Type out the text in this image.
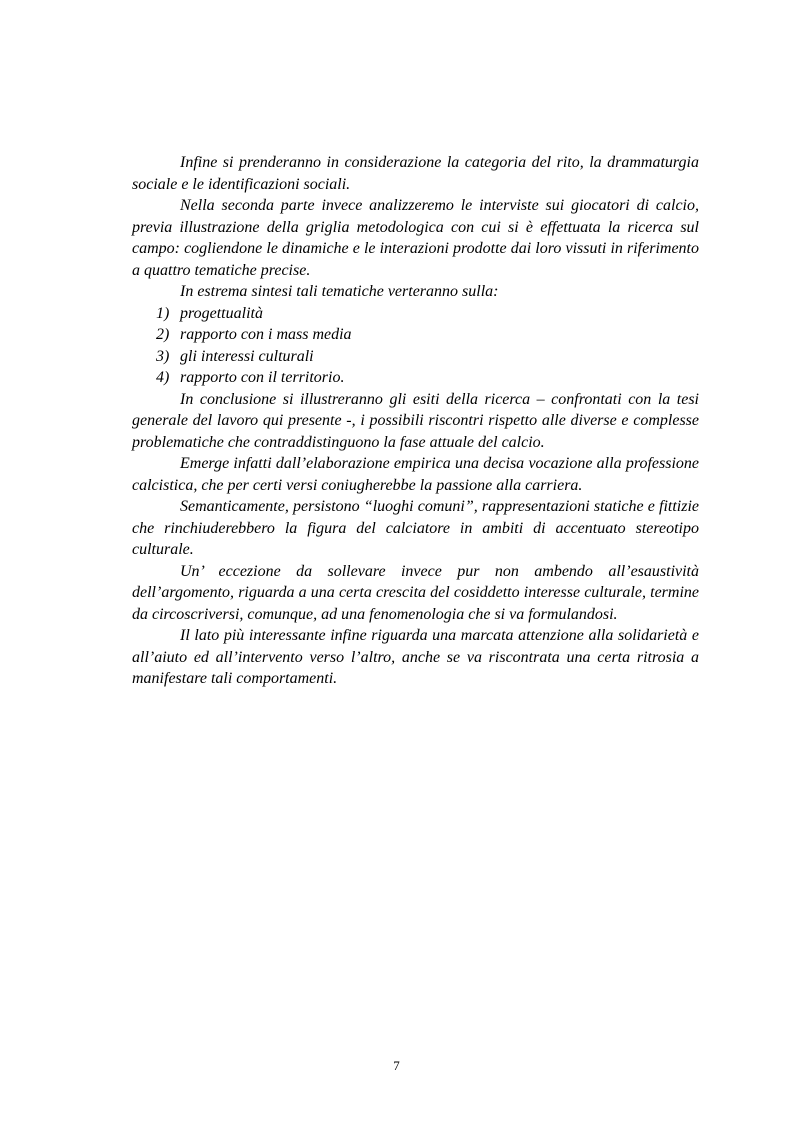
Infine si prenderanno in considerazione la categoria del rito, la drammaturgia sociale e le identificazioni sociali.

Nella seconda parte invece analizzeremo le interviste sui giocatori di calcio, previa illustrazione della griglia metodologica con cui si è effettuata la ricerca sul campo: cogliendone le dinamiche e le interazioni prodotte dai loro vissuti in riferimento a quattro tematiche precise.

In estrema sintesi tali tematiche verteranno sulla:

1) progettualità
2) rapporto con i mass media
3) gli interessi culturali
4) rapporto con il territorio.

In conclusione si illustreranno gli esiti della ricerca – confrontati con la tesi generale del lavoro qui presente -, i possibili riscontri rispetto alle diverse e complesse problematiche che contraddistinguono la fase attuale del calcio.

Emerge infatti dall’elaborazione empirica una decisa vocazione alla professione calcistica, che per certi versi coniugherebbe la passione alla carriera.

Semanticamente, persistono “luoghi comuni”, rappresentazioni statiche e fittizie che rinchiuderebbero la figura del calciatore in ambiti di accentuato stereotipo culturale.

Un’ eccezione da sollevare invece pur non ambendo all’esaustività dell’argomento, riguarda a una certa crescita del cosiddetto interesse culturale, termine da circoscriversi, comunque, ad una fenomenologia che si va formulandosi.

Il lato più interessante infine riguarda una marcata attenzione alla solidarietà e all’aiuto ed all’intervento verso l’altro, anche se va riscontrata una certa ritrosia a manifestare tali comportamenti.

7
